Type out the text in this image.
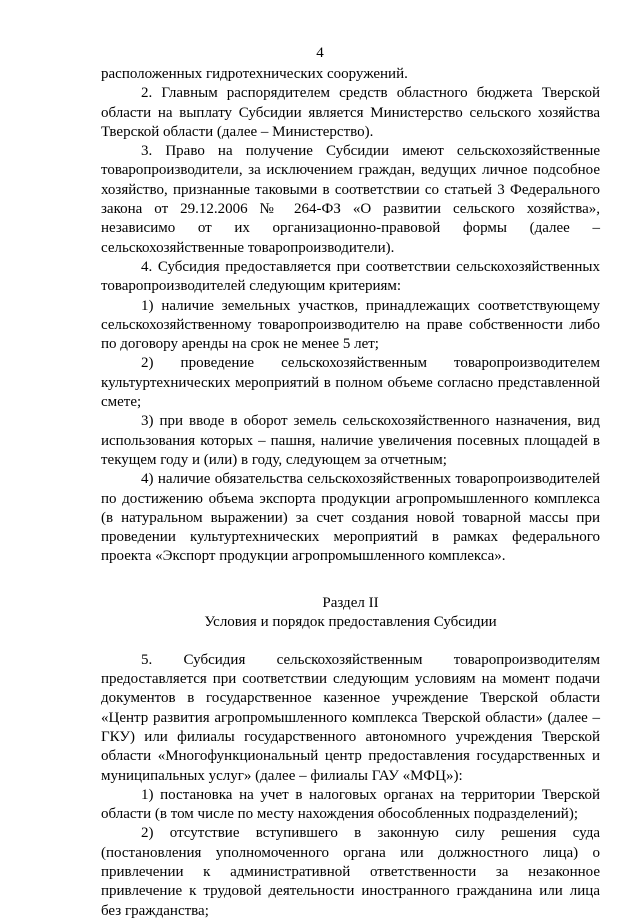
4

расположенных гидротехнических сооружений.

2. Главным распорядителем средств областного бюджета Тверской области на выплату Субсидии является Министерство сельского хозяйства Тверской области (далее – Министерство).

3. Право на получение Субсидии имеют сельскохозяйственные товаропроизводители, за исключением граждан, ведущих личное подсобное хозяйство, признанные таковыми в соответствии со статьей 3 Федерального закона от 29.12.2006 № 264-ФЗ «О развитии сельского хозяйства», независимо от их организационно-правовой формы (далее – сельскохозяйственные товаропроизводители).

4. Субсидия предоставляется при соответствии сельскохозяйственных товаропроизводителей следующим критериям:

1) наличие земельных участков, принадлежащих соответствующему сельскохозяйственному товаропроизводителю на праве собственности либо по договору аренды на срок не менее 5 лет;

2) проведение сельскохозяйственным товаропроизводителем культуртехнических мероприятий в полном объеме согласно представленной смете;

3) при вводе в оборот земель сельскохозяйственного назначения, вид использования которых – пашня, наличие увеличения посевных площадей в текущем году и (или) в году, следующем за отчетным;

4) наличие обязательства сельскохозяйственных товаропроизводителей по достижению объема экспорта продукции агропромышленного комплекса (в натуральном выражении) за счет создания новой товарной массы при проведении культуртехнических мероприятий в рамках федерального проекта «Экспорт продукции агропромышленного комплекса».

Раздел II

Условия и порядок предоставления Субсидии

5. Субсидия сельскохозяйственным товаропроизводителям предоставляется при соответствии следующим условиям на момент подачи документов в государственное казенное учреждение Тверской области «Центр развития агропромышленного комплекса Тверской области» (далее – ГКУ) или филиалы государственного автономного учреждения Тверской области «Многофункциональный центр предоставления государственных и муниципальных услуг» (далее – филиалы ГАУ «МФЦ»):

1) постановка на учет в налоговых органах на территории Тверской области (в том числе по месту нахождения обособленных подразделений);

2) отсутствие вступившего в законную силу решения суда (постановления уполномоченного органа или должностного лица) о привлечении к административной ответственности за незаконное привлечение к трудовой деятельности иностранного гражданина или лица без гражданства;
